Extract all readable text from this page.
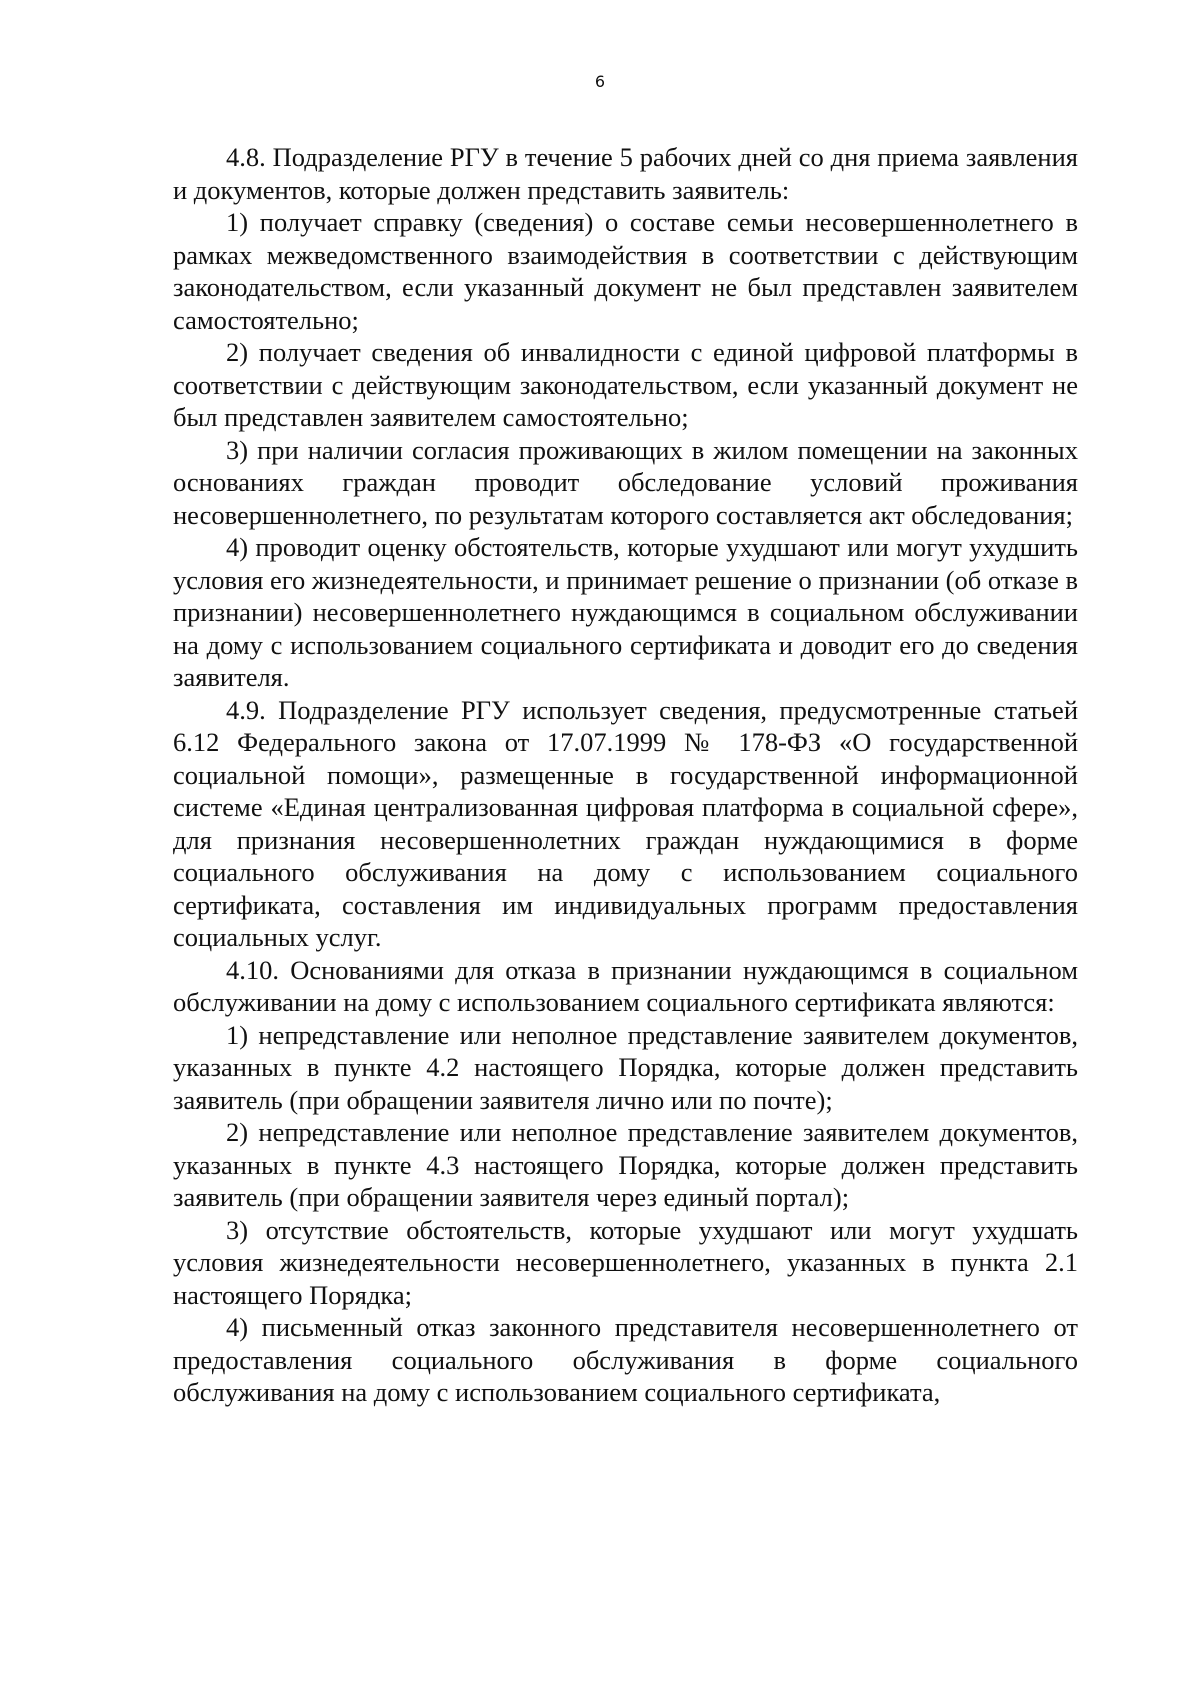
6

4.8. Подразделение РГУ в течение 5 рабочих дней со дня приема заявления и документов, которые должен представить заявитель:

1) получает справку (сведения) о составе семьи несовершеннолетнего в рамках межведомственного взаимодействия в соответствии с действующим законодательством, если указанный документ не был представлен заявителем самостоятельно;

2) получает сведения об инвалидности с единой цифровой платформы в соответствии с действующим законодательством, если указанный документ не был представлен заявителем самостоятельно;

3) при наличии согласия проживающих в жилом помещении на законных основаниях граждан проводит обследование условий проживания несовершеннолетнего, по результатам которого составляется акт обследования;

4) проводит оценку обстоятельств, которые ухудшают или могут ухудшить условия его жизнедеятельности, и принимает решение о признании (об отказе в признании) несовершеннолетнего нуждающимся в социальном обслуживании на дому с использованием социального сертификата и доводит его до сведения заявителя.

4.9. Подразделение РГУ использует сведения, предусмотренные статьей 6.12 Федерального закона от 17.07.1999 № 178-ФЗ «О государственной социальной помощи», размещенные в государственной информационной системе «Единая централизованная цифровая платформа в социальной сфере», для признания несовершеннолетних граждан нуждающимися в форме социального обслуживания на дому с использованием социального сертификата, составления им индивидуальных программ предоставления социальных услуг.

4.10. Основаниями для отказа в признании нуждающимся в социальном обслуживании на дому с использованием социального сертификата являются:

1) непредставление или неполное представление заявителем документов, указанных в пункте 4.2 настоящего Порядка, которые должен представить заявитель (при обращении заявителя лично или по почте);

2) непредставление или неполное представление заявителем документов, указанных в пункте 4.3 настоящего Порядка, которые должен представить заявитель (при обращении заявителя через единый портал);

3) отсутствие обстоятельств, которые ухудшают или могут ухудшать условия жизнедеятельности несовершеннолетнего, указанных в пункта 2.1 настоящего Порядка;

4) письменный отказ законного представителя несовершеннолетнего от предоставления социального обслуживания в форме социального обслуживания на дому с использованием социального сертификата,
